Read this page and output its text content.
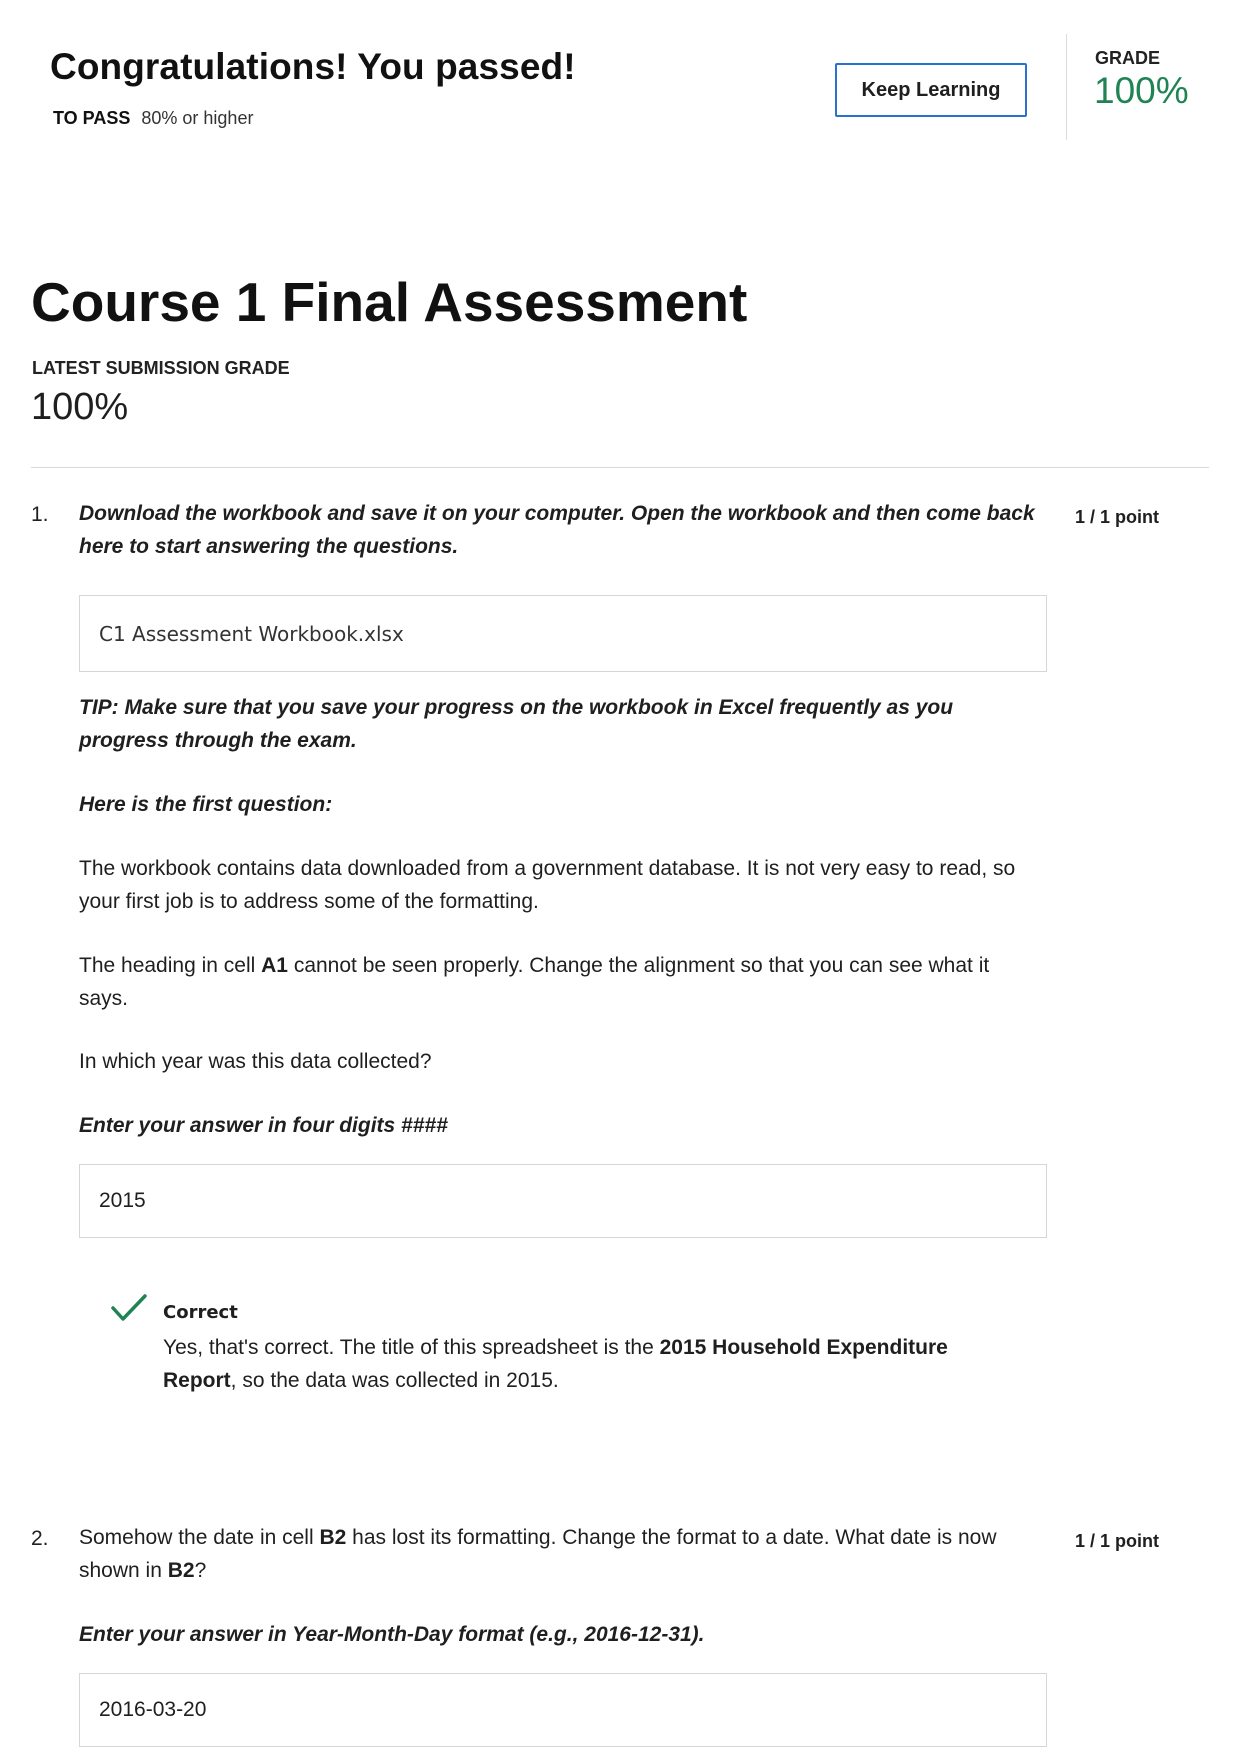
Congratulations! You passed!
TO PASS 80% or higher
Keep Learning
GRADE
100%
Course 1 Final Assessment
LATEST SUBMISSION GRADE
100%
1.	1 / 1 point

Download the workbook and save it on your computer. Open the workbook and then come back here to start answering the questions.

C1 Assessment Workbook.xlsx

TIP: Make sure that you save your progress on the workbook in Excel frequently as you progress through the exam.

Here is the first question:

The workbook contains data downloaded from a government database. It is not very easy to read, so your first job is to address some of the formatting.

The heading in cell A1 cannot be seen properly. Change the alignment so that you can see what it says.

In which year was this data collected?

Enter your answer in four digits ####

2015
Correct

Yes, that's correct. The title of this spreadsheet is the 2015 Household Expenditure Report, so the data was collected in 2015.

2.	1 / 1 point

Somehow the date in cell B2 has lost its formatting. Change the format to a date. What date is now shown in B2?

Enter your answer in Year-Month-Day format (e.g., 2016-12-31).

2016-03-20
